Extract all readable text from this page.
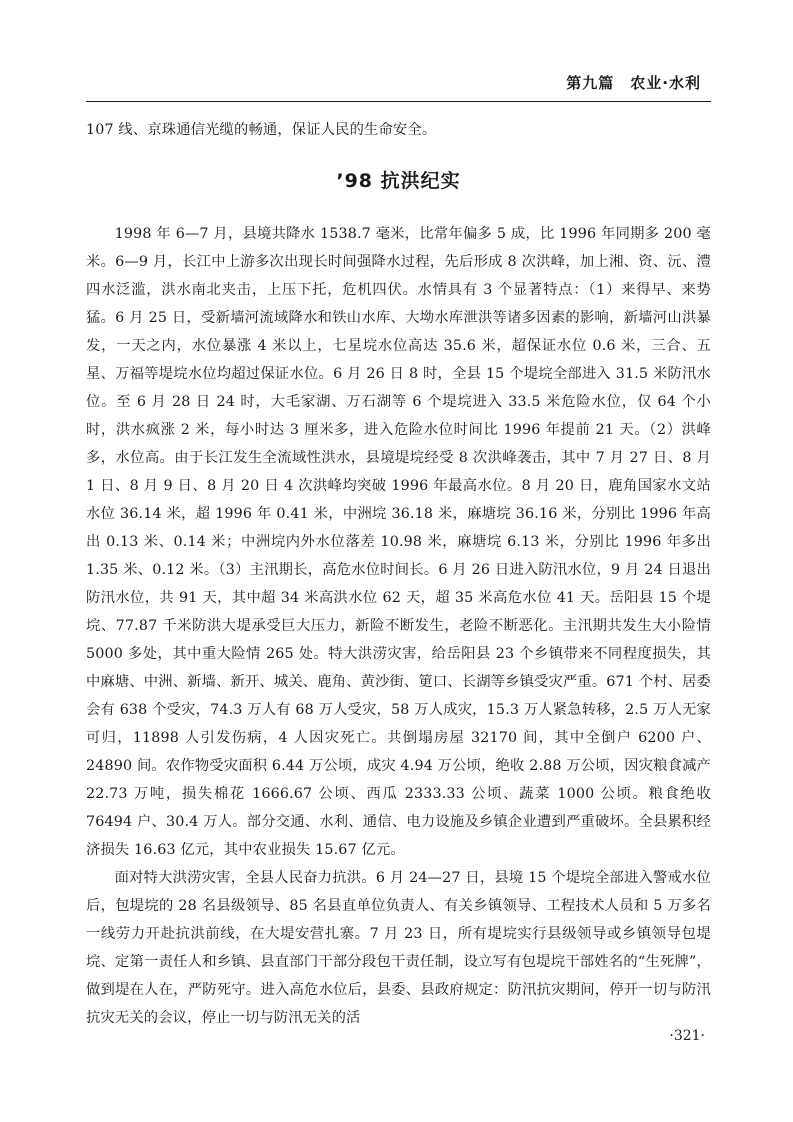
第九篇　农业·水利

107 线、京珠通信光缆的畅通，保证人民的生命安全。

’98 抗洪纪实

1998 年 6—7 月，县境共降水 1538.7 毫米，比常年偏多 5 成，比 1996 年同期多 200 毫米。6—9 月，长江中上游多次出现长时间强降水过程，先后形成 8 次洪峰，加上湘、资、沅、澧四水泛滥，洪水南北夹击，上压下托，危机四伏。水情具有 3 个显著特点：（1）来得早、来势猛。6 月 25 日，受新墙河流域降水和铁山水库、大坳水库泄洪等诸多因素的影响，新墙河山洪暴发，一天之内，水位暴涨 4 米以上，七星垸水位高达 35.6 米，超保证水位 0.6 米，三合、五星、万福等堤垸水位均超过保证水位。6 月 26 日 8 时，全县 15 个堤垸全部进入 31.5 米防汛水位。至 6 月 28 日 24 时，大毛家湖、万石湖等 6 个堤垸进入 33.5 米危险水位，仅 64 个小时，洪水疯涨 2 米，每小时达 3 厘米多，进入危险水位时间比 1996 年提前 21 天。（2）洪峰多，水位高。由于长江发生全流域性洪水，县境堤垸经受 8 次洪峰袭击，其中 7 月 27 日、8 月 1 日、8 月 9 日、8 月 20 日 4 次洪峰均突破 1996 年最高水位。8 月 20 日，鹿角国家水文站水位 36.14 米，超 1996 年 0.41 米，中洲垸 36.18 米，麻塘垸 36.16 米，分别比 1996 年高出 0.13 米、0.14 米；中洲垸内外水位落差 10.98 米，麻塘垸 6.13 米，分别比 1996 年多出 1.35 米、0.12 米。（3）主汛期长，高危水位时间长。6 月 26 日进入防汛水位，9 月 24 日退出防汛水位，共 91 天，其中超 34 米高洪水位 62 天，超 35 米高危水位 41 天。岳阳县 15 个堤垸、77.87 千米防洪大堤承受巨大压力，新险不断发生，老险不断恶化。主汛期共发生大小险情 5000 多处，其中重大险情 265 处。特大洪涝灾害，给岳阳县 23 个乡镇带来不同程度损失，其中麻塘、中洲、新墙、新开、城关、鹿角、黄沙街、筻口、长湖等乡镇受灾严重。671 个村、居委会有 638 个受灾，74.3 万人有 68 万人受灾，58 万人成灾，15.3 万人紧急转移，2.5 万人无家可归，11898 人引发伤病，4 人因灾死亡。共倒塌房屋 32170 间，其中全倒户 6200 户、24890 间。农作物受灾面积 6.44 万公顷，成灾 4.94 万公顷，绝收 2.88 万公顷，因灾粮食减产 22.73 万吨，损失棉花 1666.67 公顷、西瓜 2333.33 公顷、蔬菜 1000 公顷。粮食绝收 76494 户、30.4 万人。部分交通、水利、通信、电力设施及乡镇企业遭到严重破坏。全县累积经济损失 16.63 亿元，其中农业损失 15.67 亿元。

面对特大洪涝灾害，全县人民奋力抗洪。6 月 24—27 日，县境 15 个堤垸全部进入警戒水位后，包堤垸的 28 名县级领导、85 名县直单位负责人、有关乡镇领导、工程技术人员和 5 万多名一线劳力开赴抗洪前线，在大堤安营扎寨。7 月 23 日，所有堤垸实行县级领导或乡镇领导包堤垸、定第一责任人和乡镇、县直部门干部分段包干责任制，设立写有包堤垸干部姓名的“生死牌”，做到堤在人在，严防死守。进入高危水位后，县委、县政府规定：防汛抗灾期间，停开一切与防汛抗灾无关的会议，停止一切与防汛无关的活

·321·
